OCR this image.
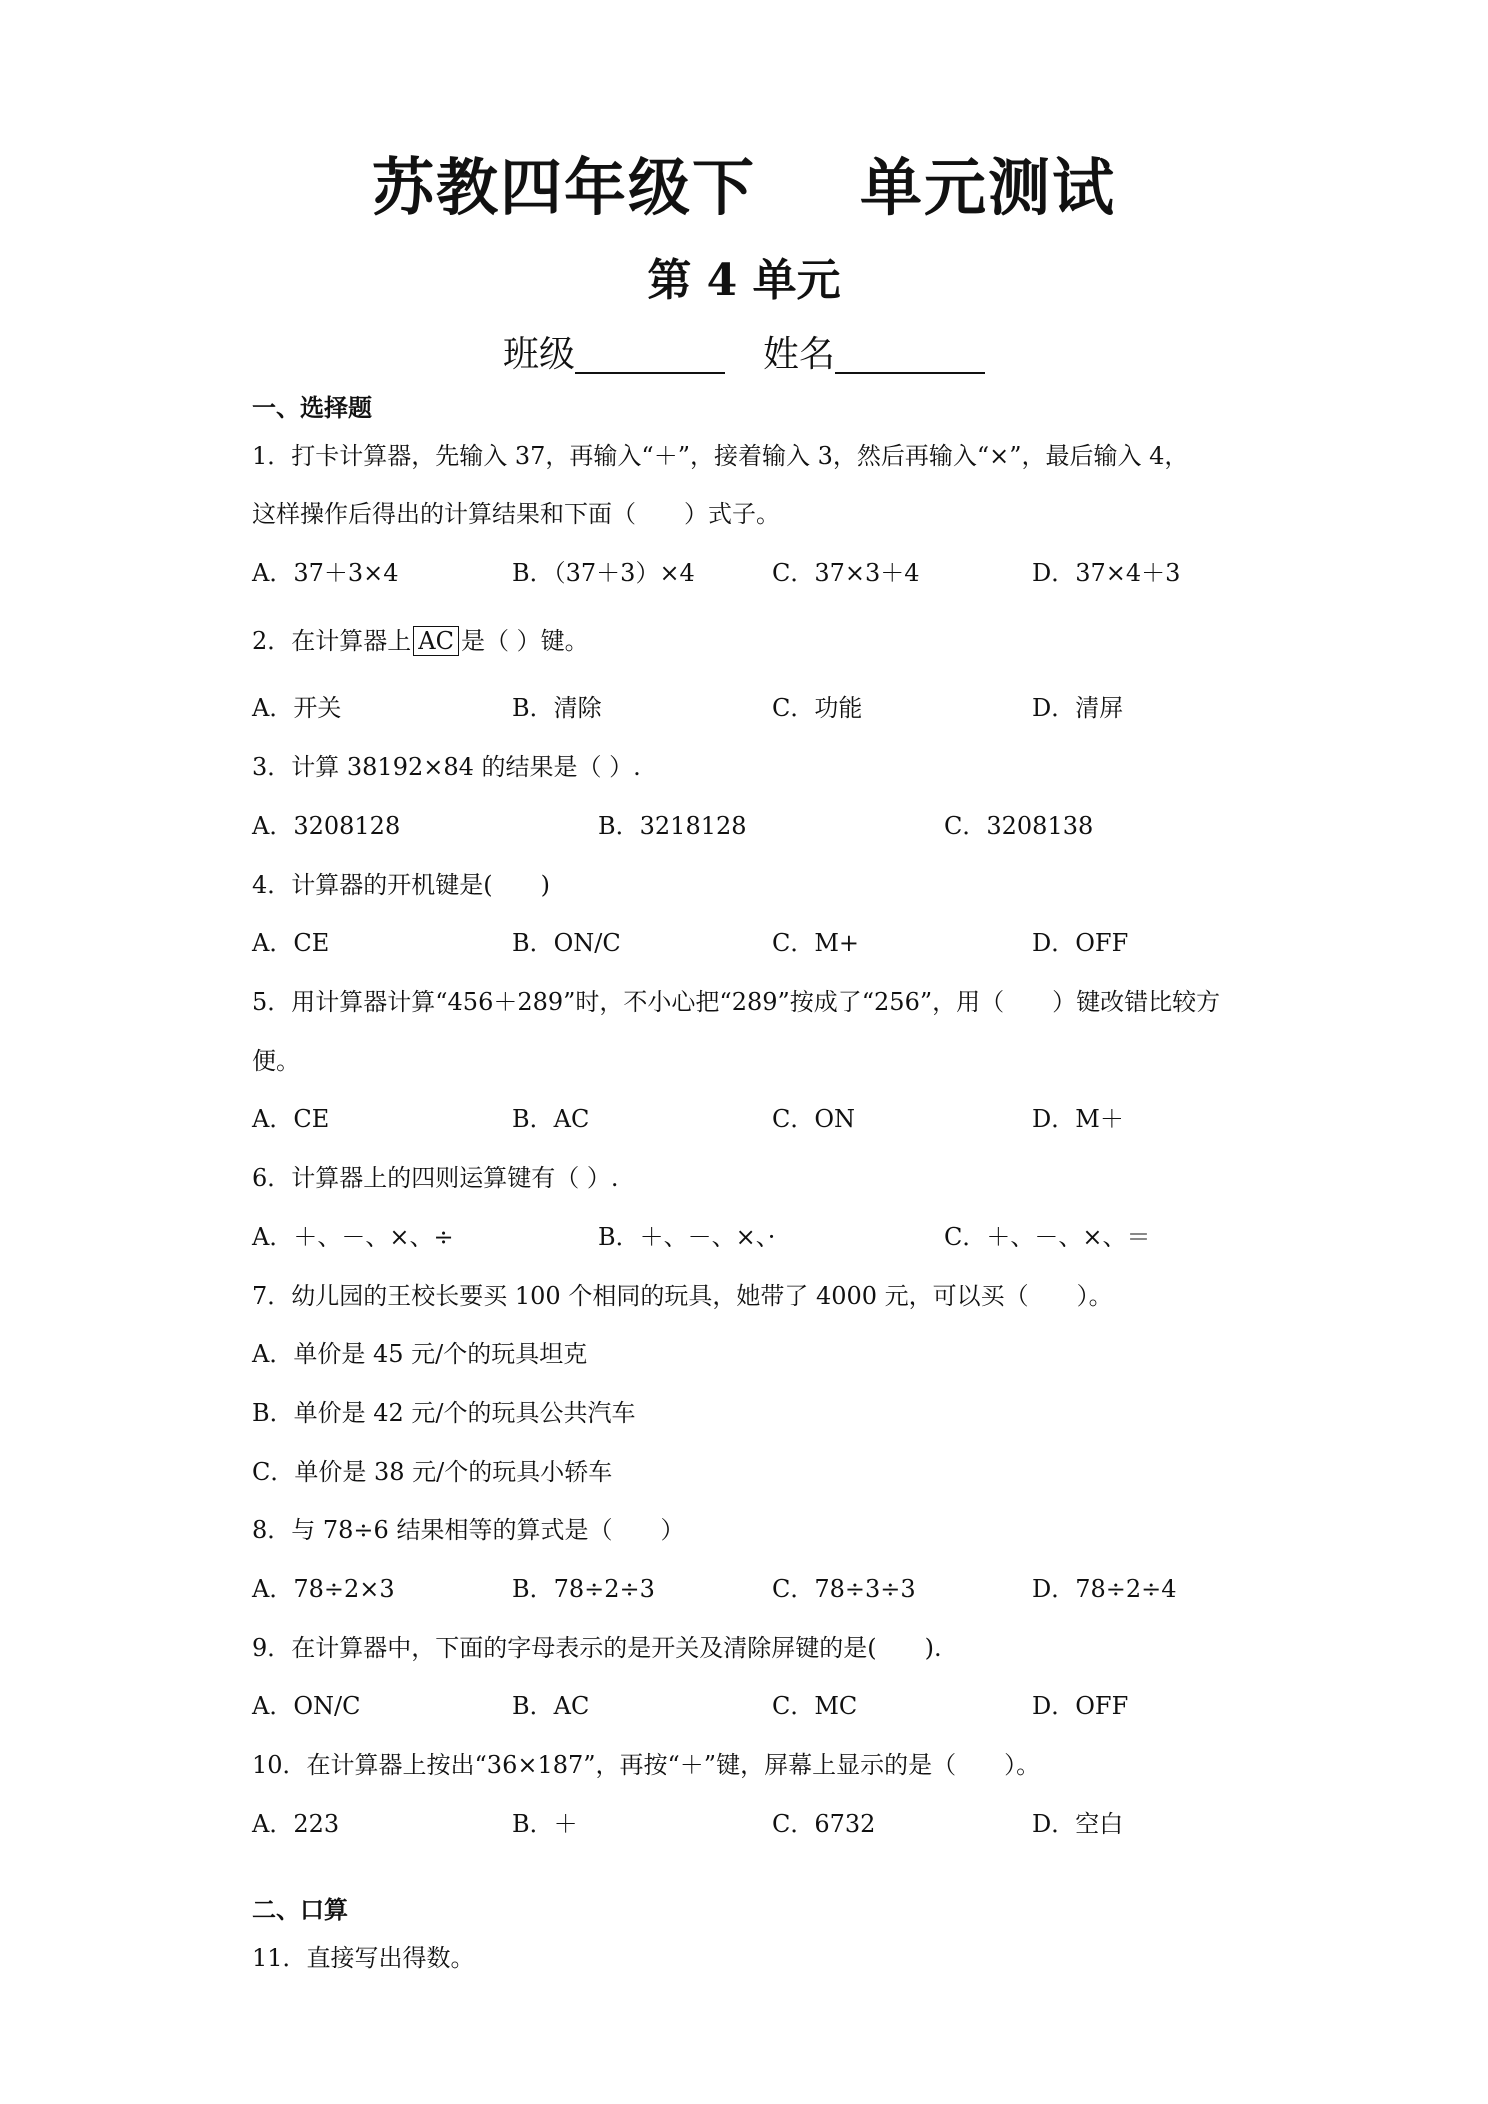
苏教四年级下 单元测试
第 4 单元
班级	姓名
一、选择题
1．打卡计算器，先输入 37，再输入“＋”，接着输入 3，然后再输入“×”，最后输入 4，
这样操作后得出的计算结果和下面（　　）式子。
A．37＋3×4	B．（37＋3）×4	C．37×3＋4	D．37×4＋3
2．在计算器上 AC 是（ ）键。
A．开关	B．清除	C．功能	D．清屏
3．计算 38192×84 的结果是（ ）.
A．3208128	B．3218128	C．3208138
4．计算器的开机键是(　　)
A．CE	B．ON/C	C．M+	D．OFF
5．用计算器计算“456＋289”时，不小心把“289”按成了“256”，用（　　）键改错比较方
便。
A．CE	B．AC	C．ON	D．M＋
6．计算器上的四则运算键有（ ）.
A．＋、－、×、÷	B．＋、－、×、·	C．＋、－、×、＝
7．幼儿园的王校长要买 100 个相同的玩具，她带了 4000 元，可以买（　　）。
A．单价是 45 元/个的玩具坦克
B．单价是 42 元/个的玩具公共汽车
C．单价是 38 元/个的玩具小轿车
8．与 78÷6 结果相等的算式是（　　）
A．78÷2×3	B．78÷2÷3	C．78÷3÷3	D．78÷2÷4
9．在计算器中，下面的字母表示的是开关及清除屏键的是(　　).
A．ON/C	B．AC	C．MC	D．OFF
10．在计算器上按出“36×187”，再按“＋”键，屏幕上显示的是（　　）。
A．223	B．＋	C．6732	D．空白
二、口算
11．直接写出得数。
